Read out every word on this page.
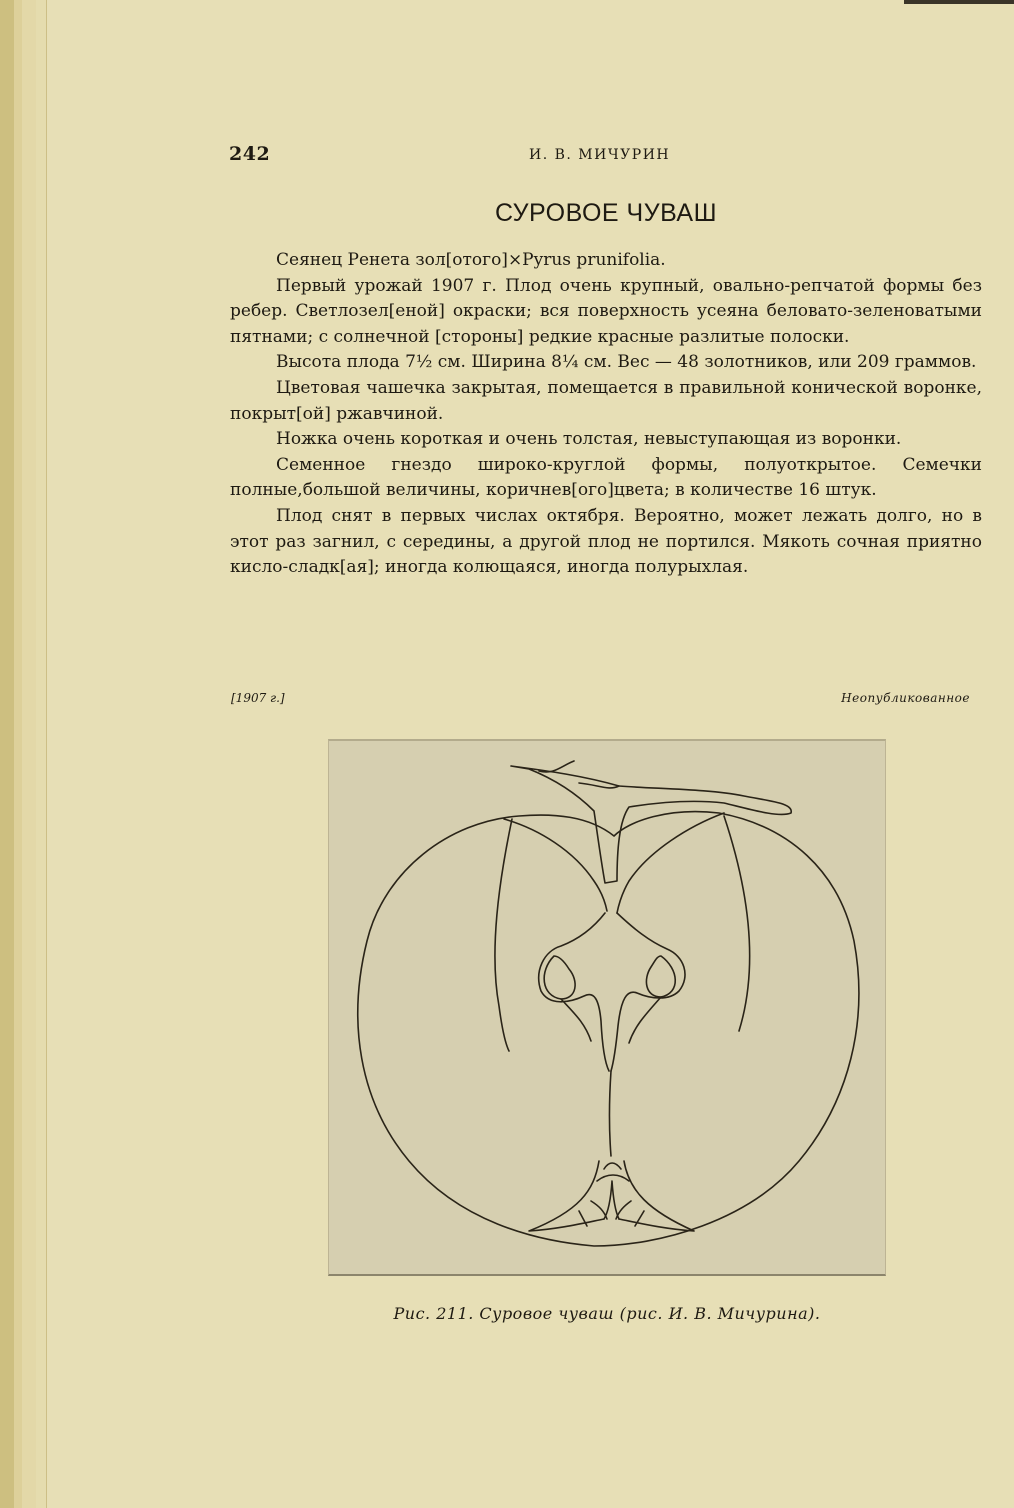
242	И. В. МИЧУРИН
СУРОВОЕ ЧУВАШ

Сеянец Ренета зол[отого]×Pyrus prunifolia.

Первый урожай 1907 г. Плод очень крупный, овально-репчатой формы без ребер. Светлозел[еной] окраски; вся поверхность усеяна беловато-зеленоватыми пятнами; с солнечной [стороны] редкие красные разлитые полоски.

Высота плода 7½ см. Ширина 8¼ см. Вес — 48 золотников, или 209 граммов.

Цветовая чашечка закрытая, помещается в правильной конической воронке, покрыт[ой] ржавчиной.

Ножка очень короткая и очень толстая, невыступающая из воронки.

Семенное гнездо широко-круглой формы, полуоткрытое. Семечки полные,большой величины, коричнев[ого]цвета; в количестве 16 штук.

Плод снят в первых числах октября. Вероятно, может лежать долго, но в этот раз загнил, с середины, а другой плод не портился. Мякоть сочная приятно кисло-сладк[ая]; иногда колющаяся, иногда полурыхлая.

[1907 г.]	Неопубликованное
Рис. 211. Суровое чуваш (рис. И. В. Мичурина).
